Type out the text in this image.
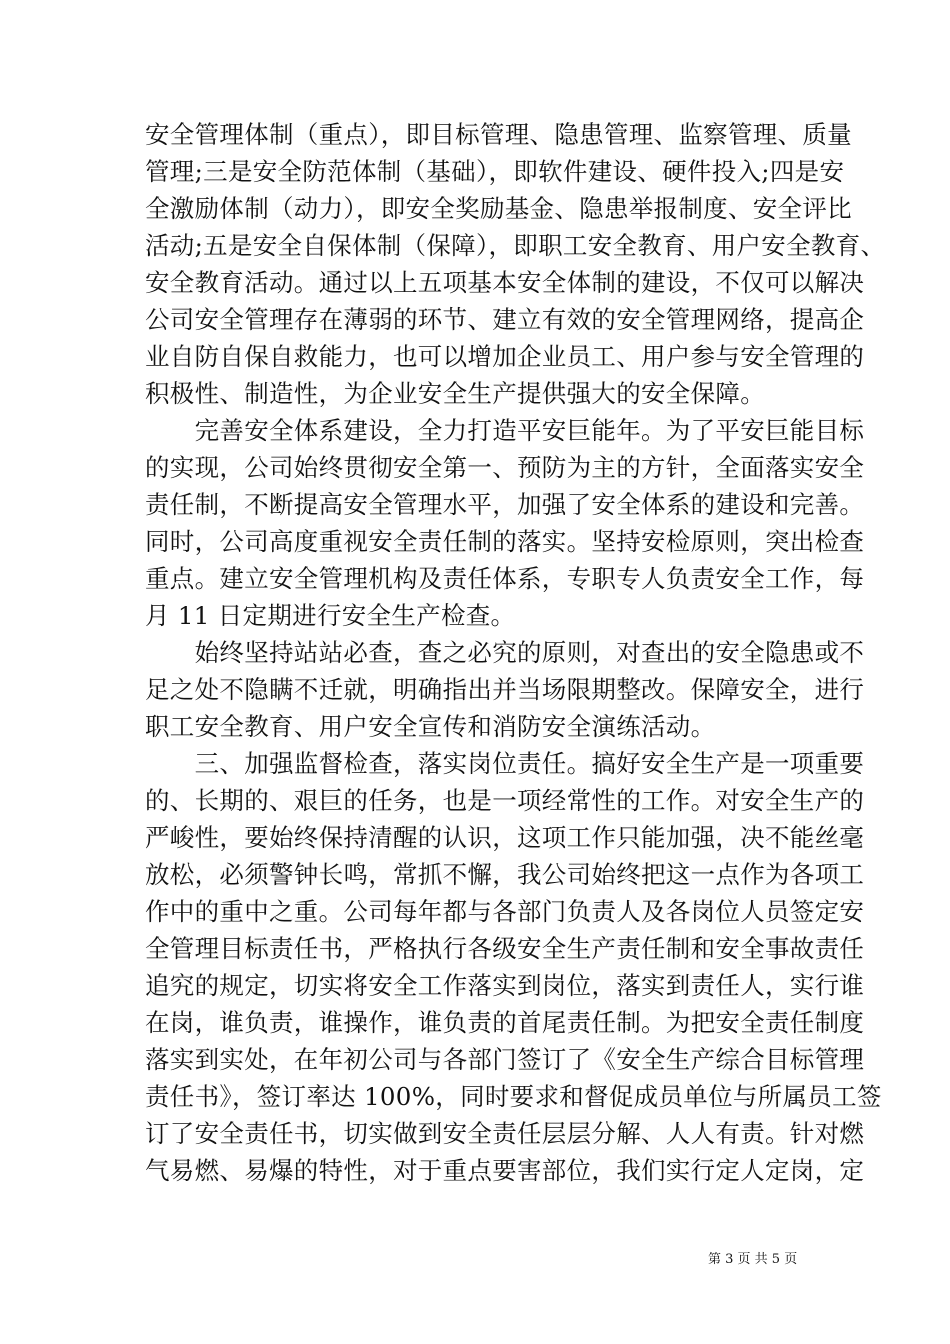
安全管理体制（重点），即目标管理、隐患管理、监察管理、质量
管理;三是安全防范体制（基础），即软件建设、硬件投入;四是安
全激励体制（动力），即安全奖励基金、隐患举报制度、安全评比
活动;五是安全自保体制（保障），即职工安全教育、用户安全教育、
安全教育活动。通过以上五项基本安全体制的建设，不仅可以解决
公司安全管理存在薄弱的环节、建立有效的安全管理网络，提高企
业自防自保自救能力，也可以增加企业员工、用户参与安全管理的
积极性、制造性，为企业安全生产提供强大的安全保障。
　　完善安全体系建设，全力打造平安巨能年。为了平安巨能目标
的实现，公司始终贯彻安全第一、预防为主的方针，全面落实安全
责任制，不断提高安全管理水平，加强了安全体系的建设和完善。
同时，公司高度重视安全责任制的落实。坚持安检原则，突出检查
重点。建立安全管理机构及责任体系，专职专人负责安全工作，每
月 11 日定期进行安全生产检查。
　　始终坚持站站必查，查之必究的原则，对查出的安全隐患或不
足之处不隐瞒不迁就，明确指出并当场限期整改。保障安全，进行
职工安全教育、用户安全宣传和消防安全演练活动。
　　三、加强监督检查，落实岗位责任。搞好安全生产是一项重要
的、长期的、艰巨的任务，也是一项经常性的工作。对安全生产的
严峻性，要始终保持清醒的认识，这项工作只能加强，决不能丝毫
放松，必须警钟长鸣，常抓不懈，我公司始终把这一点作为各项工
作中的重中之重。公司每年都与各部门负责人及各岗位人员签定安
全管理目标责任书，严格执行各级安全生产责任制和安全事故责任
追究的规定，切实将安全工作落实到岗位，落实到责任人，实行谁
在岗，谁负责，谁操作，谁负责的首尾责任制。为把安全责任制度
落实到实处，在年初公司与各部门签订了《安全生产综合目标管理
责任书》，签订率达 100%，同时要求和督促成员单位与所属员工签
订了安全责任书，切实做到安全责任层层分解、人人有责。针对燃
气易燃、易爆的特性，对于重点要害部位，我们实行定人定岗，定
第 3 页 共 5 页
